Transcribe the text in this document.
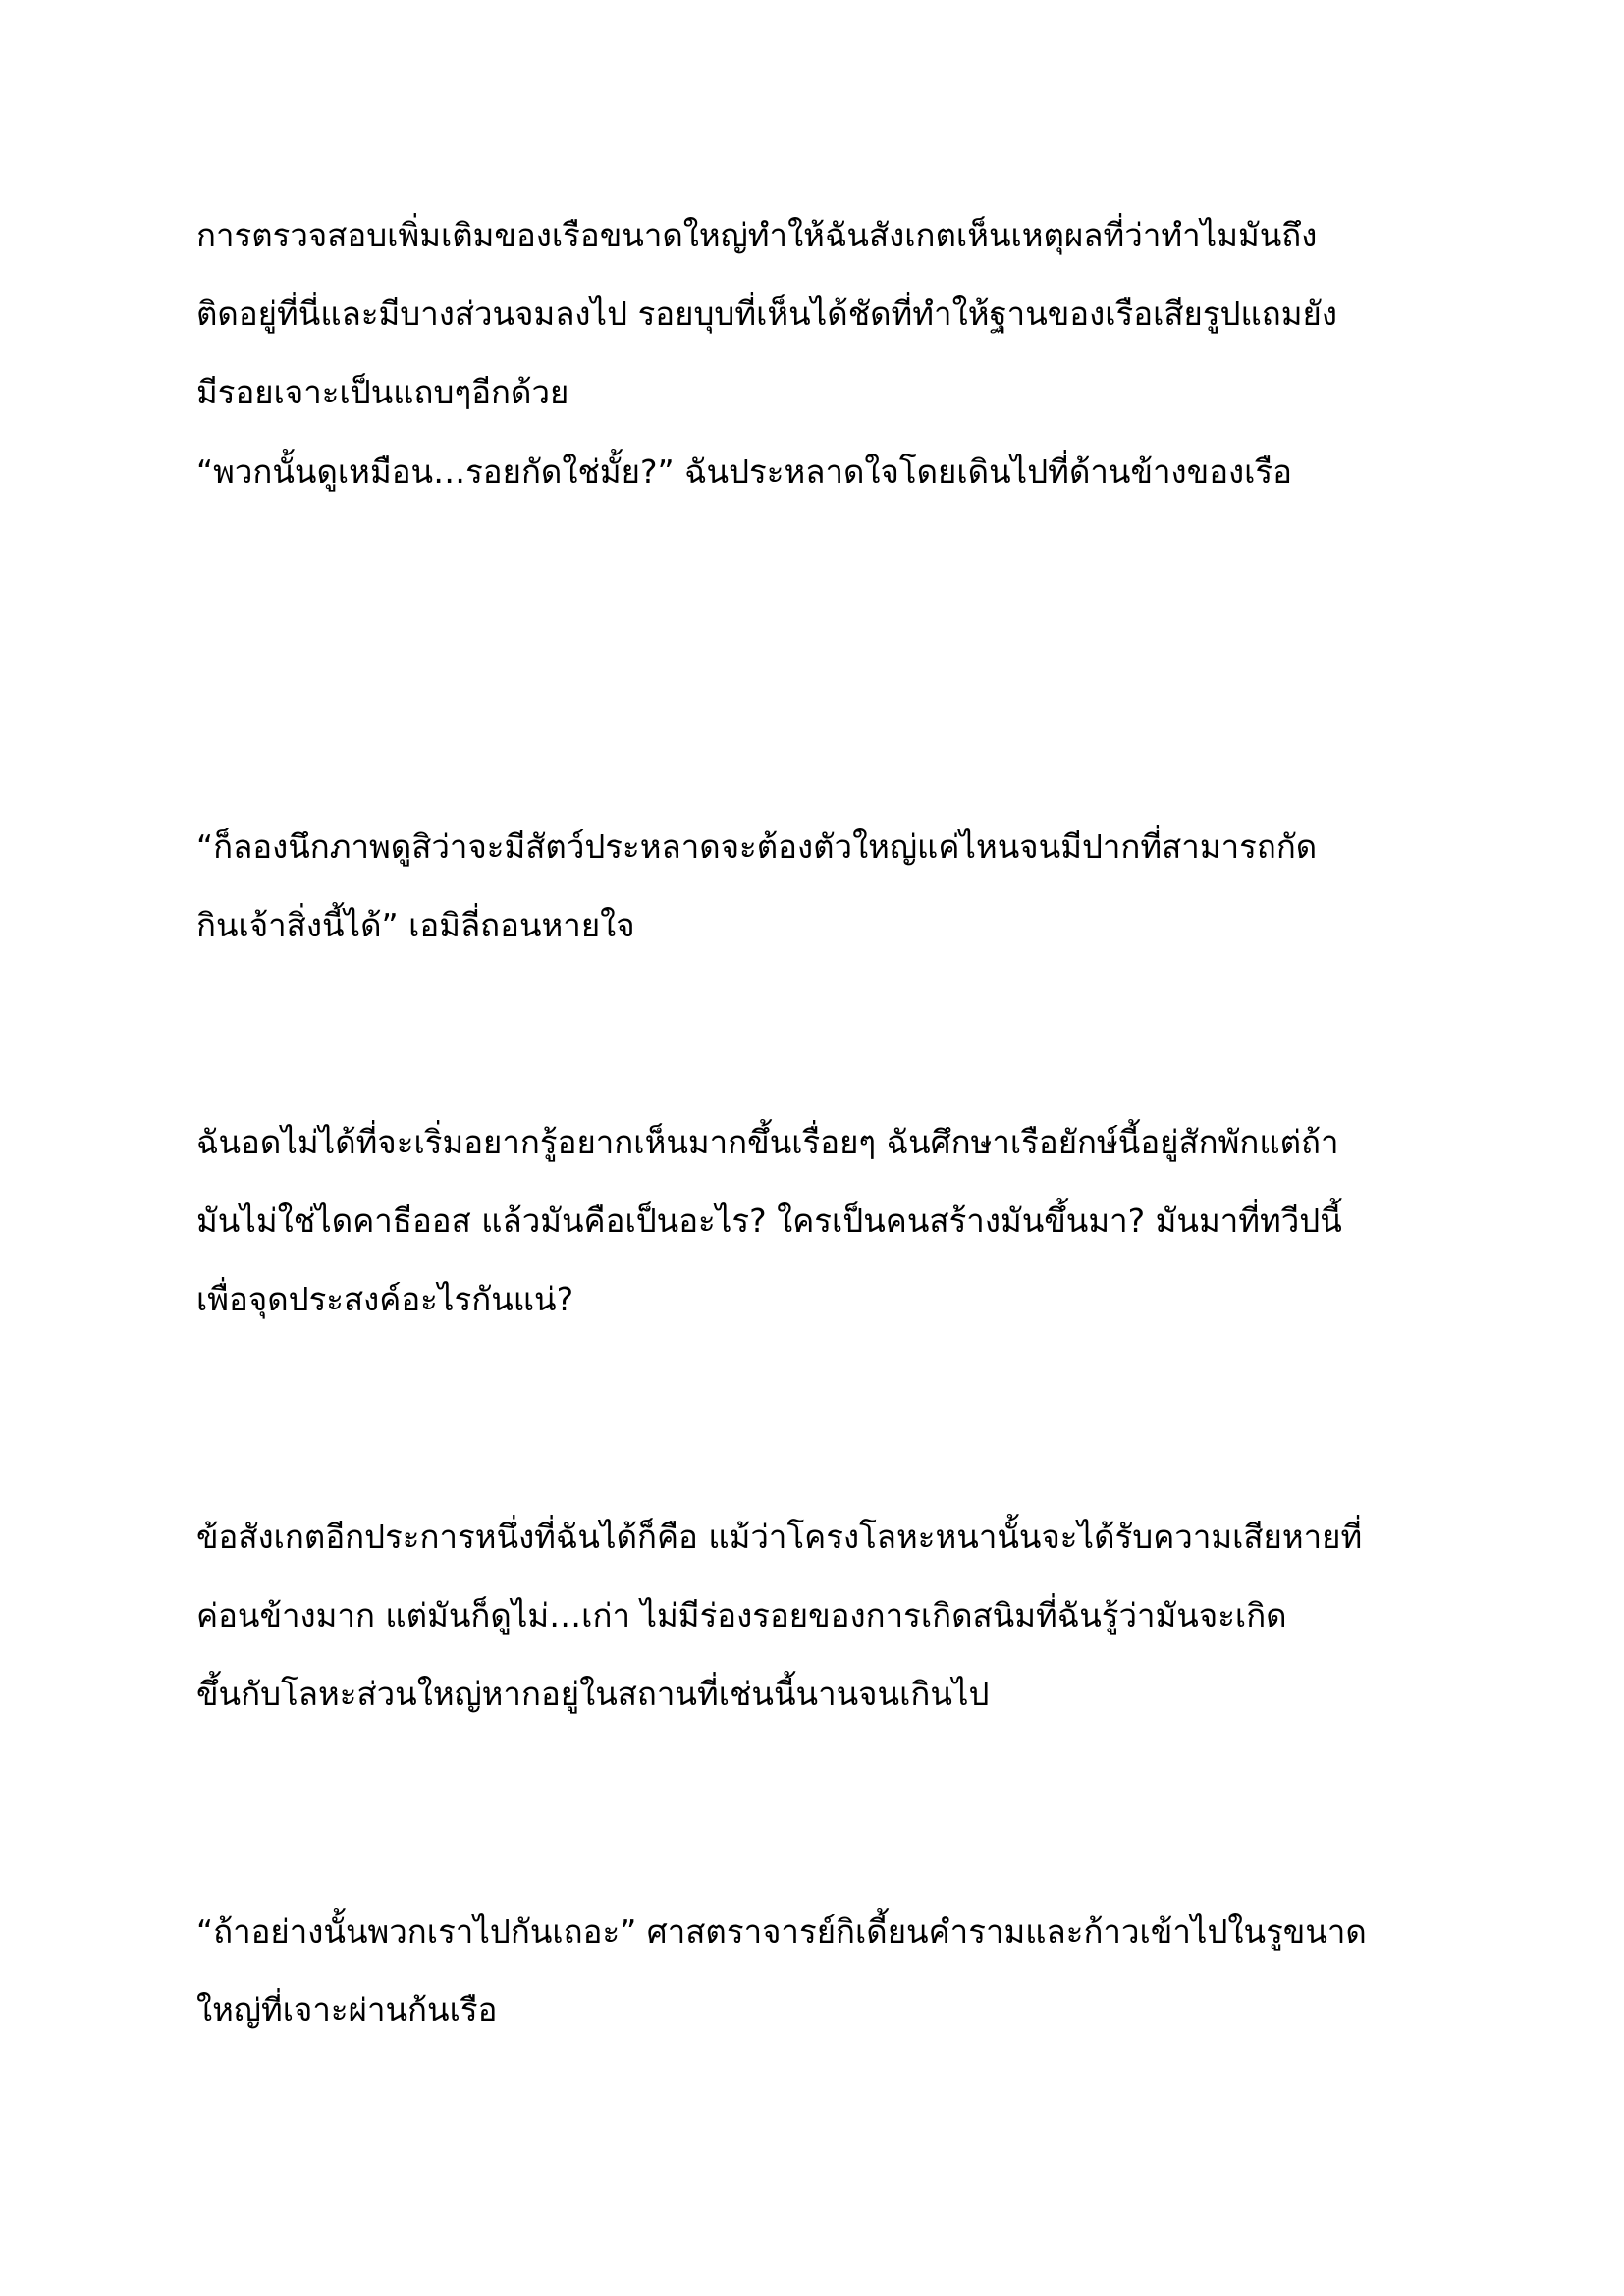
การตรวจสอบเพิ่มเติมของเรือขนาดใหญ่ทำให้ฉันสังเกตเห็นเหตุผลที่ว่าทำไมมันถึง
ติดอยู่ที่นี่และมีบางส่วนจมลงไป รอยบุบที่เห็นได้ชัดที่ทำให้ฐานของเรือเสียรูปแถมยัง
มีรอยเจาะเป็นแถบๆอีกด้วย

“พวกนั้นดูเหมือน…รอยกัดใช่มั้ย?” ฉันประหลาดใจโดยเดินไปที่ด้านข้างของเรือ

“ก็ลองนึกภาพดูสิว่าจะมีสัตว์ประหลาดจะต้องตัวใหญ่แค่ไหนจนมีปากที่สามารถกัด
กินเจ้าสิ่งนี้ได้” เอมิลี่ถอนหายใจ

ฉันอดไม่ได้ที่จะเริ่มอยากรู้อยากเห็นมากขึ้นเรื่อยๆ ฉันศึกษาเรือยักษ์นี้อยู่สักพักแต่ถ้า
มันไม่ใช่ไดคาธีออส แล้วมันคือเป็นอะไร? ใครเป็นคนสร้างมันขึ้นมา? มันมาที่ทวีปนี้
เพื่อจุดประสงค์อะไรกันแน่?

ข้อสังเกตอีกประการหนึ่งที่ฉันได้ก็คือ แม้ว่าโครงโลหะหนานั้นจะได้รับความเสียหายที่
ค่อนข้างมาก แต่มันก็ดูไม่…เก่า ไม่มีร่องรอยของการเกิดสนิมที่ฉันรู้ว่ามันจะเกิด
ขึ้นกับโลหะส่วนใหญ่หากอยู่ในสถานที่เช่นนี้นานจนเกินไป

“ถ้าอย่างนั้นพวกเราไปกันเถอะ” ศาสตราจารย์กิเดี้ยนคำรามและก้าวเข้าไปในรูขนาด
ใหญ่ที่เจาะผ่านก้นเรือ
